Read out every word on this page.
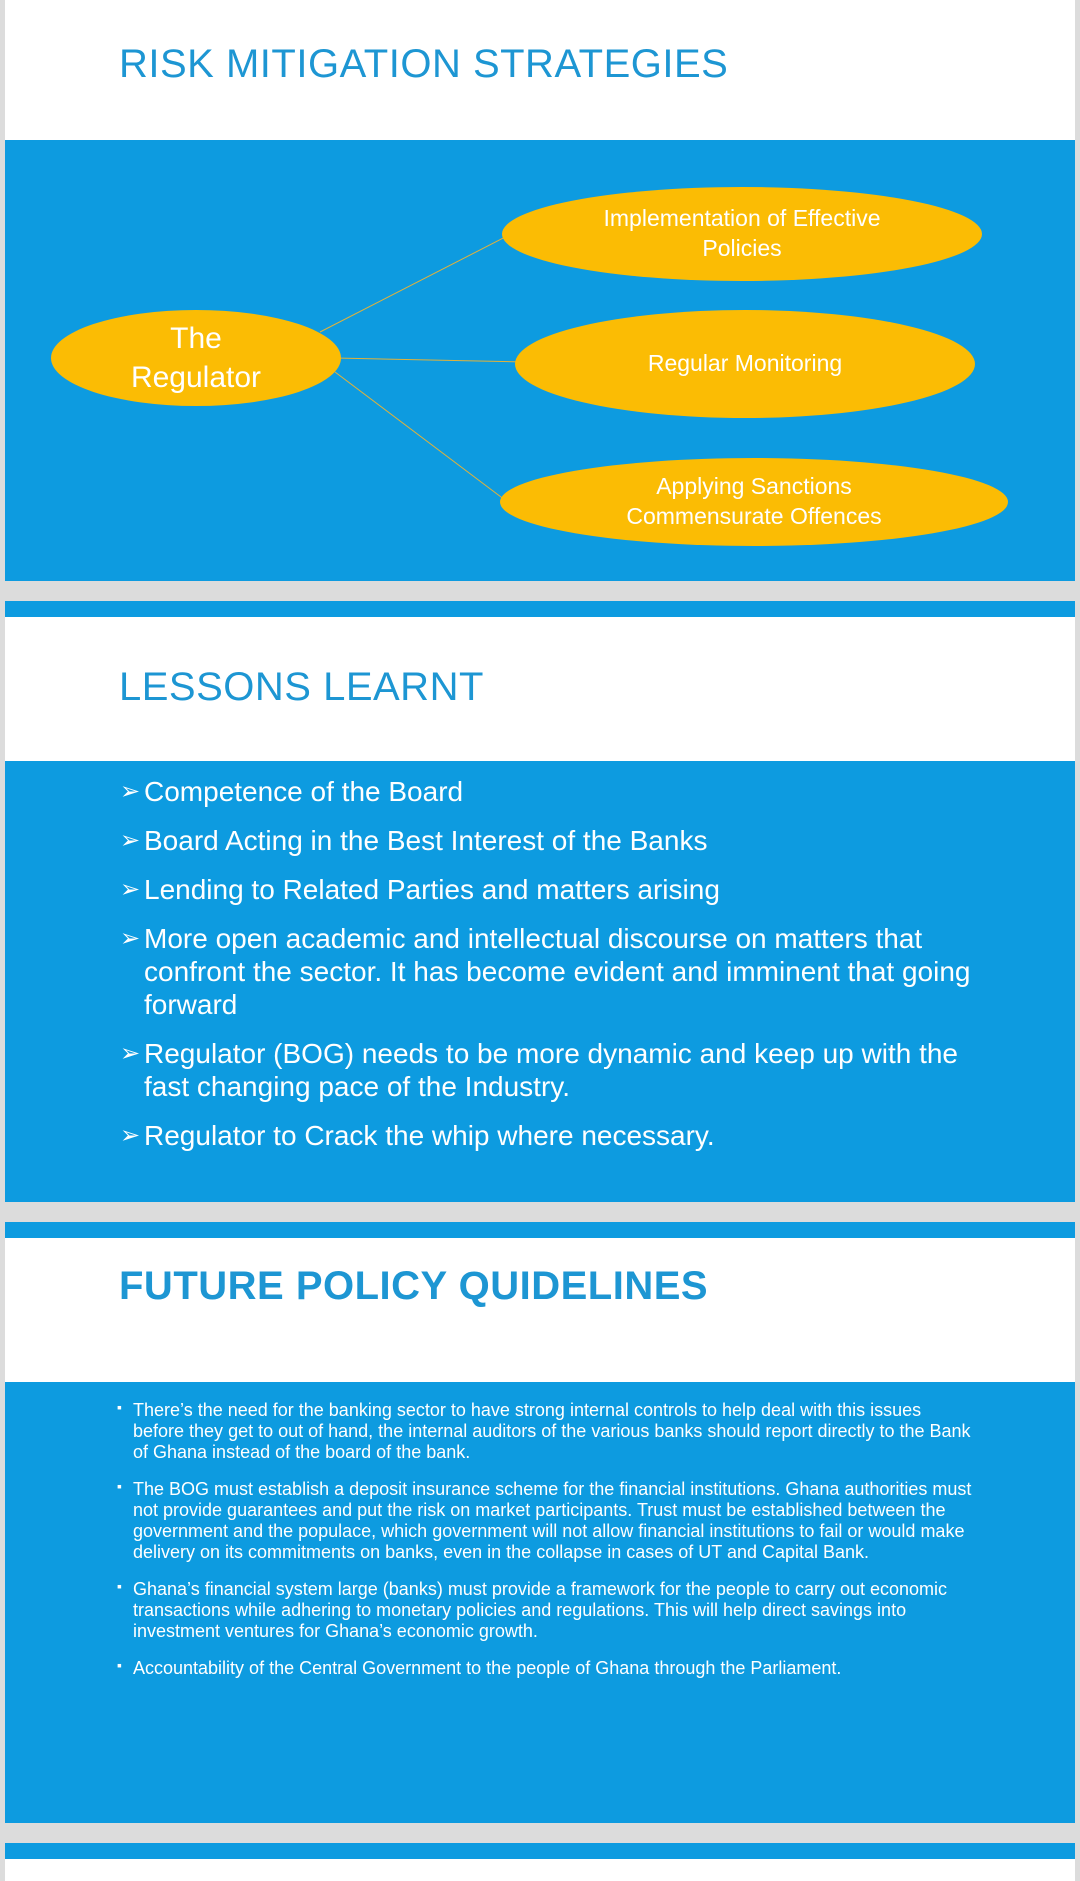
RISK MITIGATION STRATEGIES
The
Regulator
Implementation of Effective
Policies
Regular Monitoring
Applying Sanctions
Commensurate Offences
LESSONS LEARNT
➢ Competence of the Board
➢ Board Acting in the Best Interest of the Banks
➢ Lending to Related Parties and matters arising
➢ More open academic and intellectual discourse on matters that confront the sector. It has become evident and imminent that going forward
➢ Regulator (BOG) needs to be more dynamic and keep up with the fast changing pace of the Industry.
➢ Regulator to Crack the whip where necessary.
FUTURE POLICY QUIDELINES
▪ There’s the need for the banking sector to have strong internal controls to help deal with this issues before they get to out of hand, the internal auditors of the various banks should report directly to the Bank of Ghana instead of the board of the bank.
▪ The BOG must establish a deposit insurance scheme for the financial institutions. Ghana authorities must not provide guarantees and put the risk on market participants. Trust must be established between the government and the populace, which government will not allow financial institutions to fail or would make delivery on its commitments on banks, even in the collapse in cases of UT and Capital Bank.
▪ Ghana’s financial system large (banks) must provide a framework for the people to carry out economic transactions while adhering to monetary policies and regulations. This will help direct savings into investment ventures for Ghana’s economic growth.
▪ Accountability of the Central Government to the people of Ghana through the Parliament.
